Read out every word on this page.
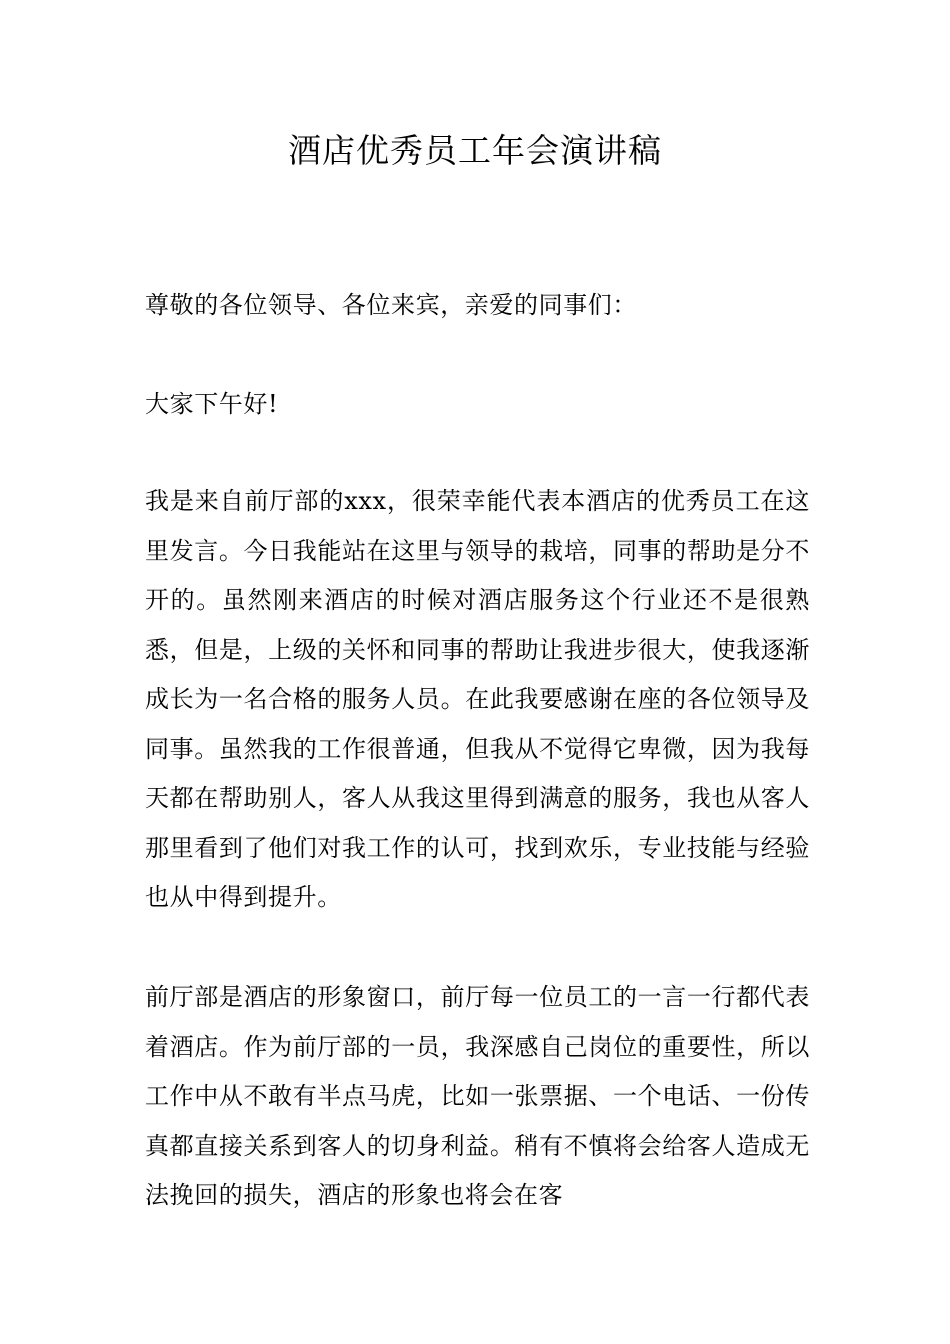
酒店优秀员工年会演讲稿

尊敬的各位领导、各位来宾，亲爱的同事们：

大家下午好!

我是来自前厅部的xxx，很荣幸能代表本酒店的优秀员工在这里发言。今日我能站在这里与领导的栽培，同事的帮助是分不开的。虽然刚来酒店的时候对酒店服务这个行业还不是很熟悉，但是，上级的关怀和同事的帮助让我进步很大，使我逐渐成长为一名合格的服务人员。在此我要感谢在座的各位领导及同事。虽然我的工作很普通，但我从不觉得它卑微，因为我每天都在帮助别人，客人从我这里得到满意的服务，我也从客人那里看到了他们对我工作的认可，找到欢乐，专业技能与经验也从中得到提升。

前厅部是酒店的形象窗口，前厅每一位员工的一言一行都代表着酒店。作为前厅部的一员，我深感自己岗位的重要性，所以工作中从不敢有半点马虎，比如一张票据、一个电话、一份传真都直接关系到客人的切身利益。稍有不慎将会给客人造成无法挽回的损失，酒店的形象也将会在客
